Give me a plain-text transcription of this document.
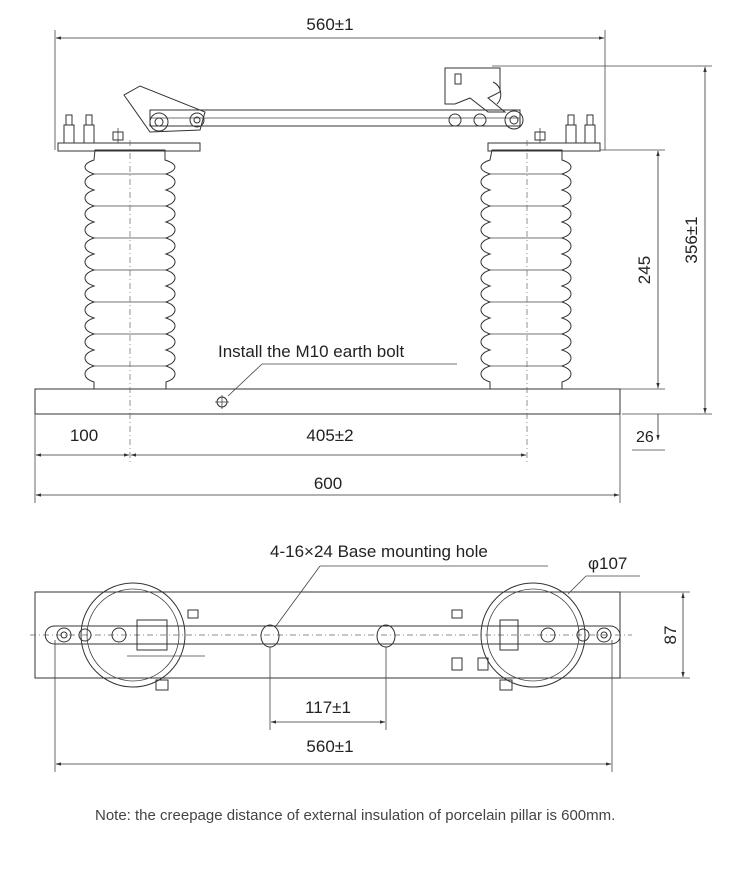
560±1
Install the M10 earth bolt
356±1
245
26
100	405±2
600
4-16×24 Base mounting hole
φ107
87
117±1
560±1
Note: the creepage distance of external insulation of porcelain pillar is 600mm.
